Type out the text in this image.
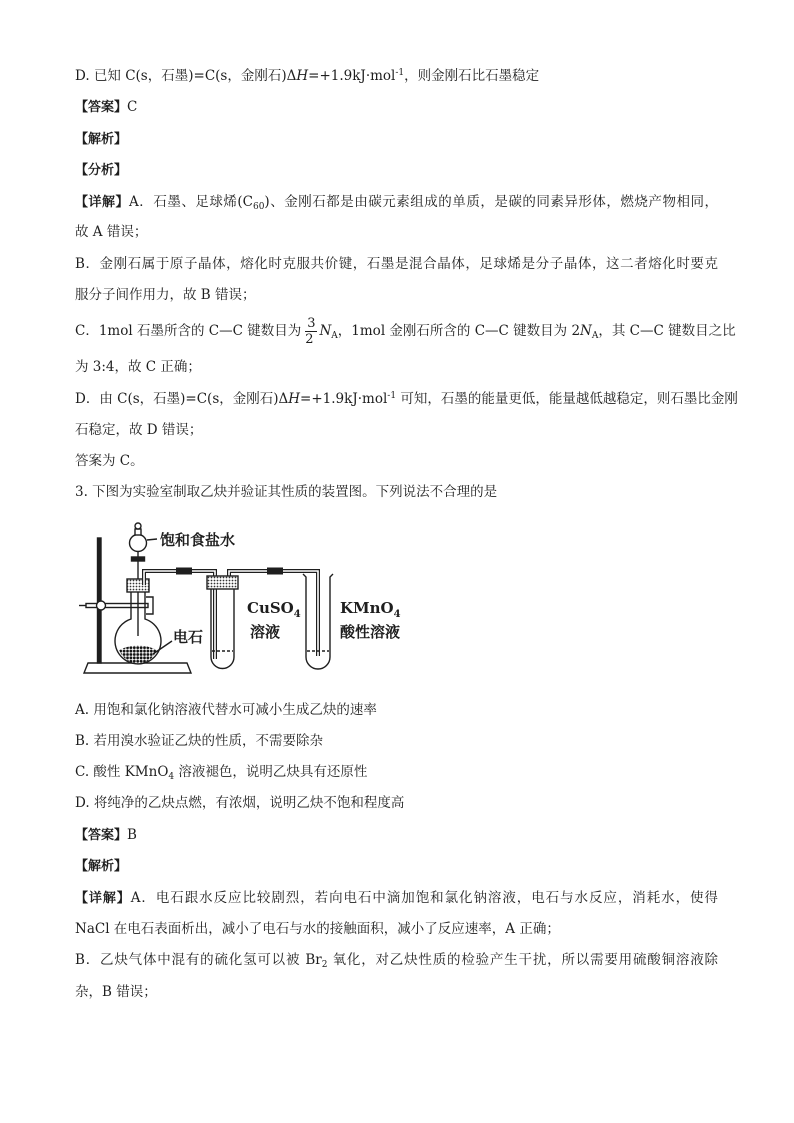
D. 已知 C(s，石墨)=C(s，金刚石)ΔH=+1.9kJ·mol$^{-1}$，则金刚石比石墨稳定
【答案】C
【解析】
【分析】
【详解】A．石墨、足球烯$(C_{60})$、金刚石都是由碳元素组成的单质，是碳的同素异形体，燃烧产物相同，
故 A 错误；
B．金刚石属于原子晶体，熔化时克服共价键，石墨是混合晶体，足球烯是分子晶体，这二者熔化时要克
服分子间作用力，故 B 错误；
C．1mol 石墨所含的 C—C 键数目为 $\frac{3}{2} N_A$，1mol 金刚石所含的 C—C 键数目为 $2N_A$，其 C—C 键数目之比
为 3:4，故 C 正确；
D．由 C(s，石墨)=C(s，金刚石)ΔH=+1.9kJ·mol$^{-1}$ 可知，石墨的能量更低，能量越低越稳定，则石墨比金刚
石稳定，故 D 错误；
答案为 C。
3. 下图为实验室制取乙炔并验证其性质的装置图。下列说法不合理的是
饱和食盐水
电石
CuSO$_4$
溶液
KMnO$_4$
酸性溶液
A. 用饱和氯化钠溶液代替水可减小生成乙炔的速率
B. 若用溴水验证乙炔的性质，不需要除杂
C. 酸性 KMnO$_4$ 溶液褪色，说明乙炔具有还原性
D. 将纯净的乙炔点燃，有浓烟，说明乙炔不饱和程度高
【答案】B
【解析】
【详解】A．电石跟水反应比较剧烈，若向电石中滴加饱和氯化钠溶液，电石与水反应，消耗水，使得
NaCl 在电石表面析出，减小了电石与水的接触面积，减小了反应速率，A 正确；
B．乙炔气体中混有的硫化氢可以被 $Br_2$ 氧化，对乙炔性质的检验产生干扰，所以需要用硫酸铜溶液除
杂，B 错误；
